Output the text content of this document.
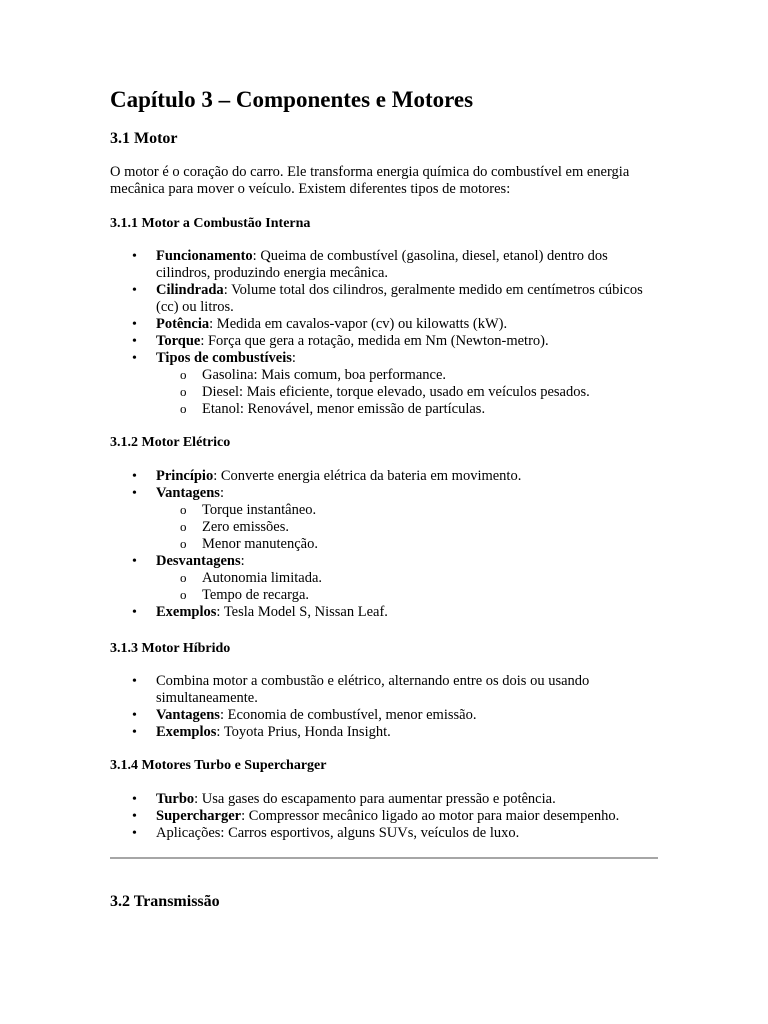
Capítulo 3 – Componentes e Motores
3.1 Motor

O motor é o coração do carro. Ele transforma energia química do combustível em energia mecânica para mover o veículo. Existem diferentes tipos de motores:

3.1.1 Motor a Combustão Interna
• Funcionamento: Queima de combustível (gasolina, diesel, etanol) dentro dos cilindros, produzindo energia mecânica.
• Cilindrada: Volume total dos cilindros, geralmente medido em centímetros cúbicos (cc) ou litros.
• Potência: Medida em cavalos-vapor (cv) ou kilowatts (kW).
• Torque: Força que gera a rotação, medida em Nm (Newton-metro).
• Tipos de combustíveis:
o Gasolina: Mais comum, boa performance.
o Diesel: Mais eficiente, torque elevado, usado em veículos pesados.
o Etanol: Renovável, menor emissão de partículas.
3.1.2 Motor Elétrico
• Princípio: Converte energia elétrica da bateria em movimento.
• Vantagens:
o Torque instantâneo.
o Zero emissões.
o Menor manutenção.
• Desvantagens:
o Autonomia limitada.
o Tempo de recarga.
• Exemplos: Tesla Model S, Nissan Leaf.
3.1.3 Motor Híbrido
• Combina motor a combustão e elétrico, alternando entre os dois ou usando simultaneamente.
• Vantagens: Economia de combustível, menor emissão.
• Exemplos: Toyota Prius, Honda Insight.
3.1.4 Motores Turbo e Supercharger
• Turbo: Usa gases do escapamento para aumentar pressão e potência.
• Supercharger: Compressor mecânico ligado ao motor para maior desempenho.
• Aplicações: Carros esportivos, alguns SUVs, veículos de luxo.
3.2 Transmissão
